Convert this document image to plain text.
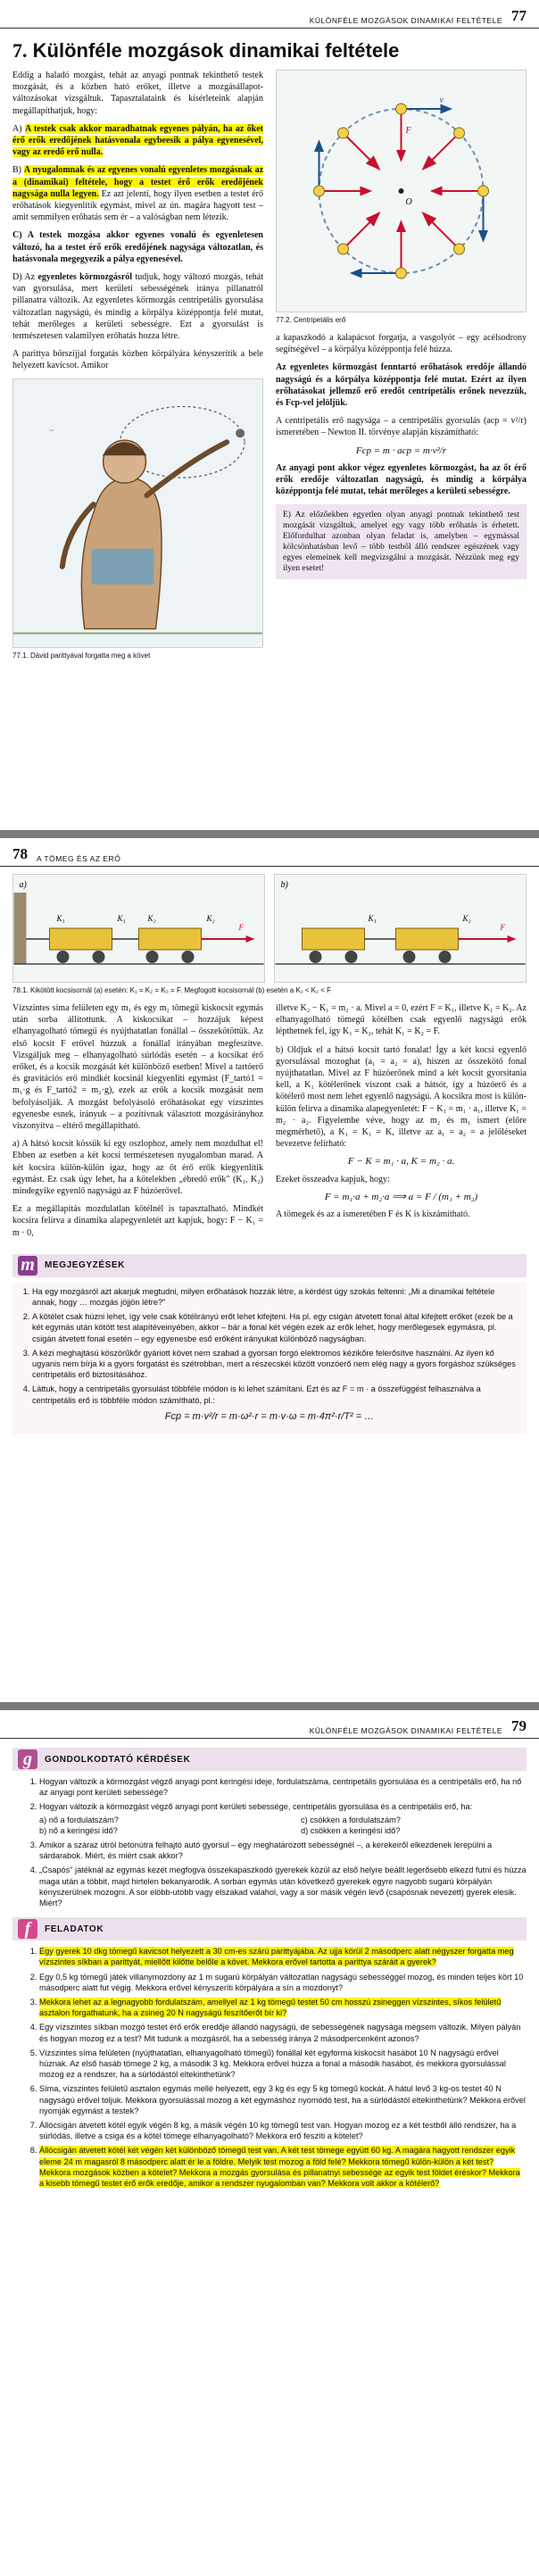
KÜLÖNFÉLE MOZGÁSOK DINAMIKAI FELTÉTELE 77
7. Különféle mozgások dinamikai feltétele

Eddig a haladó mozgást, tehát az anyagi pontnak tekinthető testek mozgását, és a közben ható erőket, illetve a mozgásállapot-változásokat vizsgáltuk. Tapasztalataink és kísérleteink alapján megállapíthatjuk, hogy:

A) A testek csak akkor maradhatnak egyenes pályán, ha az őket érő erők eredőjének hatásvonala egybeesik a pálya egyenesével, vagy az eredő erő nulla.

B) A nyugalomnak és az egyenes vonalú egyenletes mozgásnak az a (dinamikai) feltétele, hogy a testet érő erők eredőjének nagysága nulla legyen. Ez azt jelenti, hogy ilyen esetben a testet érő erőhatások kiegyenlítik egymást, mivel az ún. magára hagyott test – amit semmilyen erőhatás sem ér – a valóságban nem létezik.

C) A testek mozgása akkor egyenes vonalú és egyenletesen változó, ha a testet érő erők eredőjének nagysága változatlan, és hatásvonala megegyezik a pálya egyenesével.

D) Az egyenletes körmozgásról tudjuk, hogy változó mozgás, tehát van gyorsulása, mert kerületi sebességének iránya pillanatról pillanatra változik. Az egyenletes körmozgás centripetális gyorsulása változatlan nagyságú, és mindig a körpálya középpontja felé mutat, tehát merőleges a kerületi sebességre. Ezt a gyorsulást is természetesen valamilyen erőhatás hozza létre.

A parittya bőrszíjjal forgatás közben körpályára kényszerítik a bele helyezett kavicsot. Amikor

~
77.1. Dávid parittyával forgatta meg a követ
O
F
v
77.2. Centripetális erő

a kapaszkodó a kalapácsot forgatja, a vasgolyót – egy acélsodrony segítségével – a körpálya középpontja felé húzza.

Az egyenletes körmozgást fenntartó erőhatások eredője állandó nagyságú és a körpálya középpontja felé mutat. Ezért az ilyen erőhatásokat jellemző erő eredőt centripetális erőnek nevezzük, és Fcp-vel jelöljük.

A centripetális erő nagysága – a centripetális gyorsulás (acp = v²/r) ismeretében – Newton II. törvénye alapján kiszámítható:

Fcp = m · acp = m·v²/r

Az anyagi pont akkor végez egyenletes körmozgást, ha az őt érő erők eredője változatlan nagyságú, és mindig a körpálya középpontja felé mutat, tehát merőleges a kerületi sebességre.

E) Az előzőekben egyetlen olyan anyagi pontnak tekinthető test mozgását vizsgáltuk, amelyet egy vagy több erőhatás is érhetett. Előfordulhat azonban olyan feladat is, amelyben – egymással kölcsönhatásban levő – több testből álló rendszer egészének vagy egyes elemeinek kell megvizsgálni a mozgását. Nézzünk meg egy ilyen esetet!
78 A TÖMEG ÉS AZ ERŐ
a)
K₁	K₁	K₂	K₂
F
b)
K₁	K₂
F
78.1. Kikötött kocsisornál (a) esetén: K₁ = K₂ = K₃ = F. Megfogott kocsisornál (b) esetén a K₁ < K₂ < F

Vízszintes síma felületen egy m₁ és egy m₂ tömegű kiskocsit egymás után sorba állítottunk. A kiskocsikat – hozzájuk képest elhanyagolható tömegű és nyújthatatlan fonállal – összekötöttük. Az első kocsit F erővel húzzuk a fonállal irányában megfeszítve. Vizsgáljuk meg – elhanyagolható súrlódás esetén – a kocsikat érő erőket, és a kocsik mozgását két különböző esetben! Mivel a tartóerő és gravitációs erő mindkét kocsinál kiegyenlíti egymást (F_tartó1 = m₁·g és F_tartó2 = m₂·g), ezek az erők a kocsik mozgását nem befolyásolják. A mozgást befolyásoló erőhatásokat egy vízszintes egyenesbe esnek, irányuk – a pozitívnak választott mozgásirányhoz viszonyítva – eltérő megállapítható.

a) A hátsó kocsit kössük ki egy oszlophoz, amely nem mozdulhat el! Ebben az esetben a két kocsi természetesen nyugalomban marad. A két kocsira külön-külön igaz, hogy az őt érő erők kiegyenlítik egymást. Ez csak úgy lehet, ha a kötelekben „ébredő erők" (K₁, K₂) mindegyike egyenlő nagyságú az F húzóerővel.

Ez a megállapítás mozdulatlan kötélnél is tapasztalható. Mindkét kocsira felírva a dinamika alapegyenletét azt kapjuk, hogy: F − K₁ = m · 0,

illetve K₂ − K₁ = m₂ · a. Mivel a = 0, ezért F = K₁, illetve K₁ = K₂. Az elhanyagolható tömegű kötélben csak egyenlő nagyságú erők lépthetnek fel, így K₁ = K₂, tehát K₁ = K₂ = F.

b) Oldjuk el a hátsó kocsit tartó fonalat! Így a két kocsi egyenlő gyorsulással mozoghat (a₁ = a₂ = a), hiszen az összekötő fonal nyújthatatlan. Mivel az F húzóerőnek mind a két kocsit gyorsítania kell, a K₁ kötélerőnek viszont csak a hátsót, így a húzóerő és a kötélerő most nem lehet egyenlő nagyságú. A kocsikra most is külön-külön felírva a dinamika alapegyenletét: F − K₁ = m₁ · a₁, illetve K₁ = m₂ · a₂. Figyelembe véve, hogy az m₂ és m₁ ismert (előre megmérhető), a K₁ = K₁ = K, illetve az a₁ = a₂ = a jelöléseket bevezetve felírható:

F − K = m₁ · a, K = m₂ · a.

Ezeket összeadva kapjuk, hogy:

F = m₁·a + m₂·a ⟹ a = F / (m₁ + m₂)

A tömegek és az a ismeretében F és K is kiszámítható.

m	MEGJEGYZÉSEK
1. Ha egy mozgásról azt akarjuk megtudni, milyen erőhatások hozzák létre, a kérdést úgy szokás feltenni: „Mi a dinamikai feltétele annak, hogy … mozgás jöjjön létre?"
2. A kötélet csak húzni lehet, így vele csak kötélirányú erőt lehet kifejteni. Ha pl. egy csigán átvetett fonal által kifejtett erőket (ezek be a két egymás után kötött test alapítéveinyében, akkor – bár a fonal két végén ezek az erők lehet, hogy merőlegesek egymásra, pl. csigán átvetett fonal esetén – egy egyenesbe eső erőként irányukat különböző nagyságban.
3. A kézi meghajtású köszörűkőr gyáriott követ nem szabad a gyorsan forgó elektromos kézikőre felerősítve használni. Az ilyen kő ugyanis nem bírja ki a gyors forgatást és szétrobban, mert a részecskéi között vonzóerő nem elég nagy a gyors forgáshoz szükséges centripetális erő biztosításához.
4. Láttuk, hogy a centripetális gyorsulást többféle módon is ki lehet számítani. Ezt és az F = m · a összefüggést felhasználva a centripetális erő is többféle módon számítható, pl.:
Fcp = m·v²/r = m·ω²·r = m·v·ω = m·4π²·r/T² = …
KÜLÖNFÉLE MOZGÁSOK DINAMIKAI FELTÉTELE 79
g	GONDOLKODTATÓ KÉRDÉSEK
1. Hogyan változik a körmozgást végző anyagi pont keringési ideje, fordulatszáma, centripetális gyorsulása és a centripetális erő, ha nő az anyagi pont kerületi sebessége?
2. Hogyan változik a körmozgást végző anyagi pont kerületi sebessége, centripetális gyorsulása és a centripetális erő, ha:
a) nő a fordulatszám?	c) csökken a fordulatszám?
b) nő a keringési idő?	d) csökken a keringési idő?
3. Amikor a száraz útról betonútra felhajtó autó gyorsul – egy meghatározott sebességnél –, a kerekeiről elkezdenek lerepülni a sárdarabok. Miért, és miért csak akkor?
4. „Csapós" játéknál az egymás kezét megfogva összekapaszkodó gyerekek közül az első helyre beállt legerősebb elkezd futni és húzza maga után a többit, majd hirtelen bekanyarodik. A sorban egymás után következő gyerekek egyre nagyobb sugarú körpályán kényszerülnek mozogni. A sor elöbb-utóbb vagy elszakad valahol, vagy a sor másik végén levő (csapósnak nevezett) gyerek elesik. Miért?
f	FELADATOK
1. Egy gyerek 10 dkg tömegű kavicsot helyezett a 30 cm-es szárú parittyájába. Az ujja körül 2 másodperc alatt négyszer forgatta meg vízszintes síkban a parittyát, miellőtt kilőtte belőle a követ. Mekkora erővel tartotta a parittya száráit a gyerek?
2. Egy 0,5 kg tömegű játék villanymozdony az 1 m sugarú körpályán változatlan nagyságú sebességgel mozog, és minden teljes kört 10 másodperc alatt fut végig. Mekkora erővel kényszeríti körpályára a sín a mozdonyt?
3. Mekkora lehet az a legnagyobb fordulatszám, amellyel az 1 kg tömegű testet 50 cm hosszú zsineggen vízszintes, síkos felületű asztalon forgathatunk, ha a zsineg 20 N nagyságú feszítőerőt bír ki?
4. Egy vízszintes síkban mozgó testet érő erők eredője állandó nagyságú, de sebességének nagysága mégsem változik. Milyen pályán és hogyan mozog ez a test? Mit tudunk a mozgásról, ha a sebesség iránya 2 másodpercenként azonos?
5. Vízszintes síma felületen (nyújthatatlan, elhanyagolható tömegű) fonállal két egyforma kiskocsit hasábot 10 N nagyságú erővel húznak. Az első hasáb tömege 2 kg, a második 3 kg. Mekkora erővel húzza a fonal a második hasábot, és mekkora gyorsulással mozog ez a rendszer, ha a súrlódástól eltekinthetünk?
6. Síma, vízszintes felületű asztalon egymás mellé helyezett, egy 3 kg és egy 5 kg tömegű kockát. A hátul levő 3 kg-os testet 40 N nagyságú erővel toljuk. Mekkora gyorsulással mozog a két egymáshoz nyomódó test, ha a súrlódástól eltekinthetünk? Mekkora erővel nyomják egymást a testek?
7. Állócsigán átvetett kötél egyik végén 8 kg, a másik végén 10 kg tömegű test van. Hogyan mozog ez a két testből álló rendszer, ha a súrlódás, illetve a csiga és a kötél tömege elhanyagolható? Mekkora erő feszíti a kötelet?
8. Állócsigán átvetett kötél két végén két különböző tömegű test van. A két test tömege együtt 60 kg. A magára hagyott rendszer egyik eleme 24 m magasról 8 másodperc alatt ér le a földre. Melyik test mozog a föld felé? Mekkora tömegű külön-külön a két test? Mekkora mozgások közben a kötelet? Mekkora a mozgás gyorsulása és pillanatnyi sebessége az egyik test földet éréskor? Mekkora a kisebb tömegű testet érő erők eredője, amikor a rendszer nyugalomban van? Mekkora volt akkor a kötélerő?
